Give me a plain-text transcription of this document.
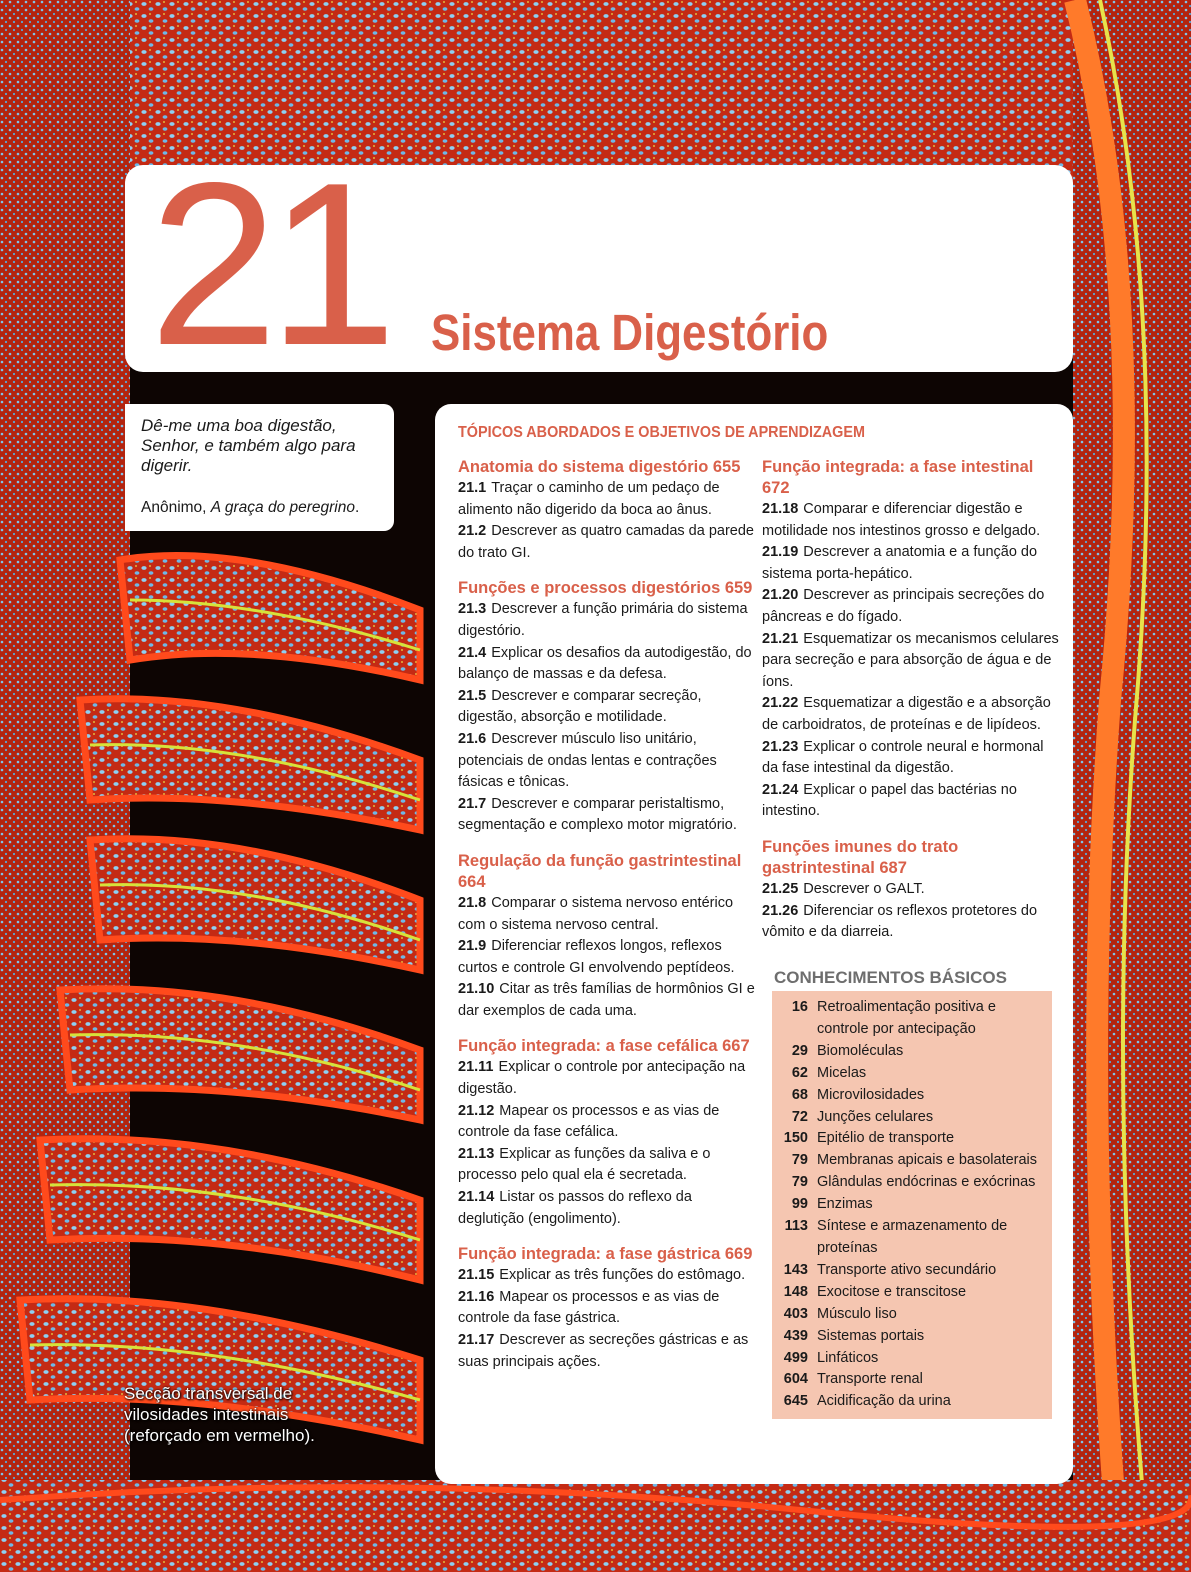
21 Sistema Digestório
Dê-me uma boa digestão, Senhor, e também algo para digerir.
Anônimo, A graça do peregrino.
TÓPICOS ABORDADOS E OBJETIVOS DE APRENDIZAGEM
Anatomia do sistema digestório 655
21.1 Traçar o caminho de um pedaço de alimento não digerido da boca ao ânus.
21.2 Descrever as quatro camadas da parede do trato GI.
Funções e processos digestórios 659
21.3 Descrever a função primária do sistema digestório.
21.4 Explicar os desafios da autodigestão, do balanço de massas e da defesa.
21.5 Descrever e comparar secreção, digestão, absorção e motilidade.
21.6 Descrever músculo liso unitário, potenciais de ondas lentas e contrações fásicas e tônicas.
21.7 Descrever e comparar peristaltismo, segmentação e complexo motor migratório.
Regulação da função gastrintestinal 664
21.8 Comparar o sistema nervoso entérico com o sistema nervoso central.
21.9 Diferenciar reflexos longos, reflexos curtos e controle GI envolvendo peptídeos.
21.10 Citar as três famílias de hormônios GI e dar exemplos de cada uma.
Função integrada: a fase cefálica 667
21.11 Explicar o controle por antecipação na digestão.
21.12 Mapear os processos e as vias de controle da fase cefálica.
21.13 Explicar as funções da saliva e o processo pelo qual ela é secretada.
21.14 Listar os passos do reflexo da deglutição (engolimento).
Função integrada: a fase gástrica 669
21.15 Explicar as três funções do estômago.
21.16 Mapear os processos e as vias de controle da fase gástrica.
21.17 Descrever as secreções gástricas e as suas principais ações.
Função integrada: a fase intestinal 672
21.18 Comparar e diferenciar digestão e motilidade nos intestinos grosso e delgado.
21.19 Descrever a anatomia e a função do sistema porta-hepático.
21.20 Descrever as principais secreções do pâncreas e do fígado.
21.21 Esquematizar os mecanismos celulares para secreção e para absorção de água e de íons.
21.22 Esquematizar a digestão e a absorção de carboidratos, de proteínas e de lipídeos.
21.23 Explicar o controle neural e hormonal da fase intestinal da digestão.
21.24 Explicar o papel das bactérias no intestino.
Funções imunes do trato gastrintestinal 687
21.25 Descrever o GALT.
21.26 Diferenciar os reflexos protetores do vômito e da diarreia.
CONHECIMENTOS BÁSICOS
16 Retroalimentação positiva e controle por antecipação
29 Biomoléculas
62 Micelas
68 Microvilosidades
72 Junções celulares
150 Epitélio de transporte
79 Membranas apicais e basolaterais
79 Glândulas endócrinas e exócrinas
99 Enzimas
113 Síntese e armazenamento de proteínas
143 Transporte ativo secundário
148 Exocitose e transcitose
403 Músculo liso
439 Sistemas portais
499 Linfáticos
604 Transporte renal
645 Acidificação da urina
Secção transversal de vilosidades intestinais (reforçado em vermelho).
